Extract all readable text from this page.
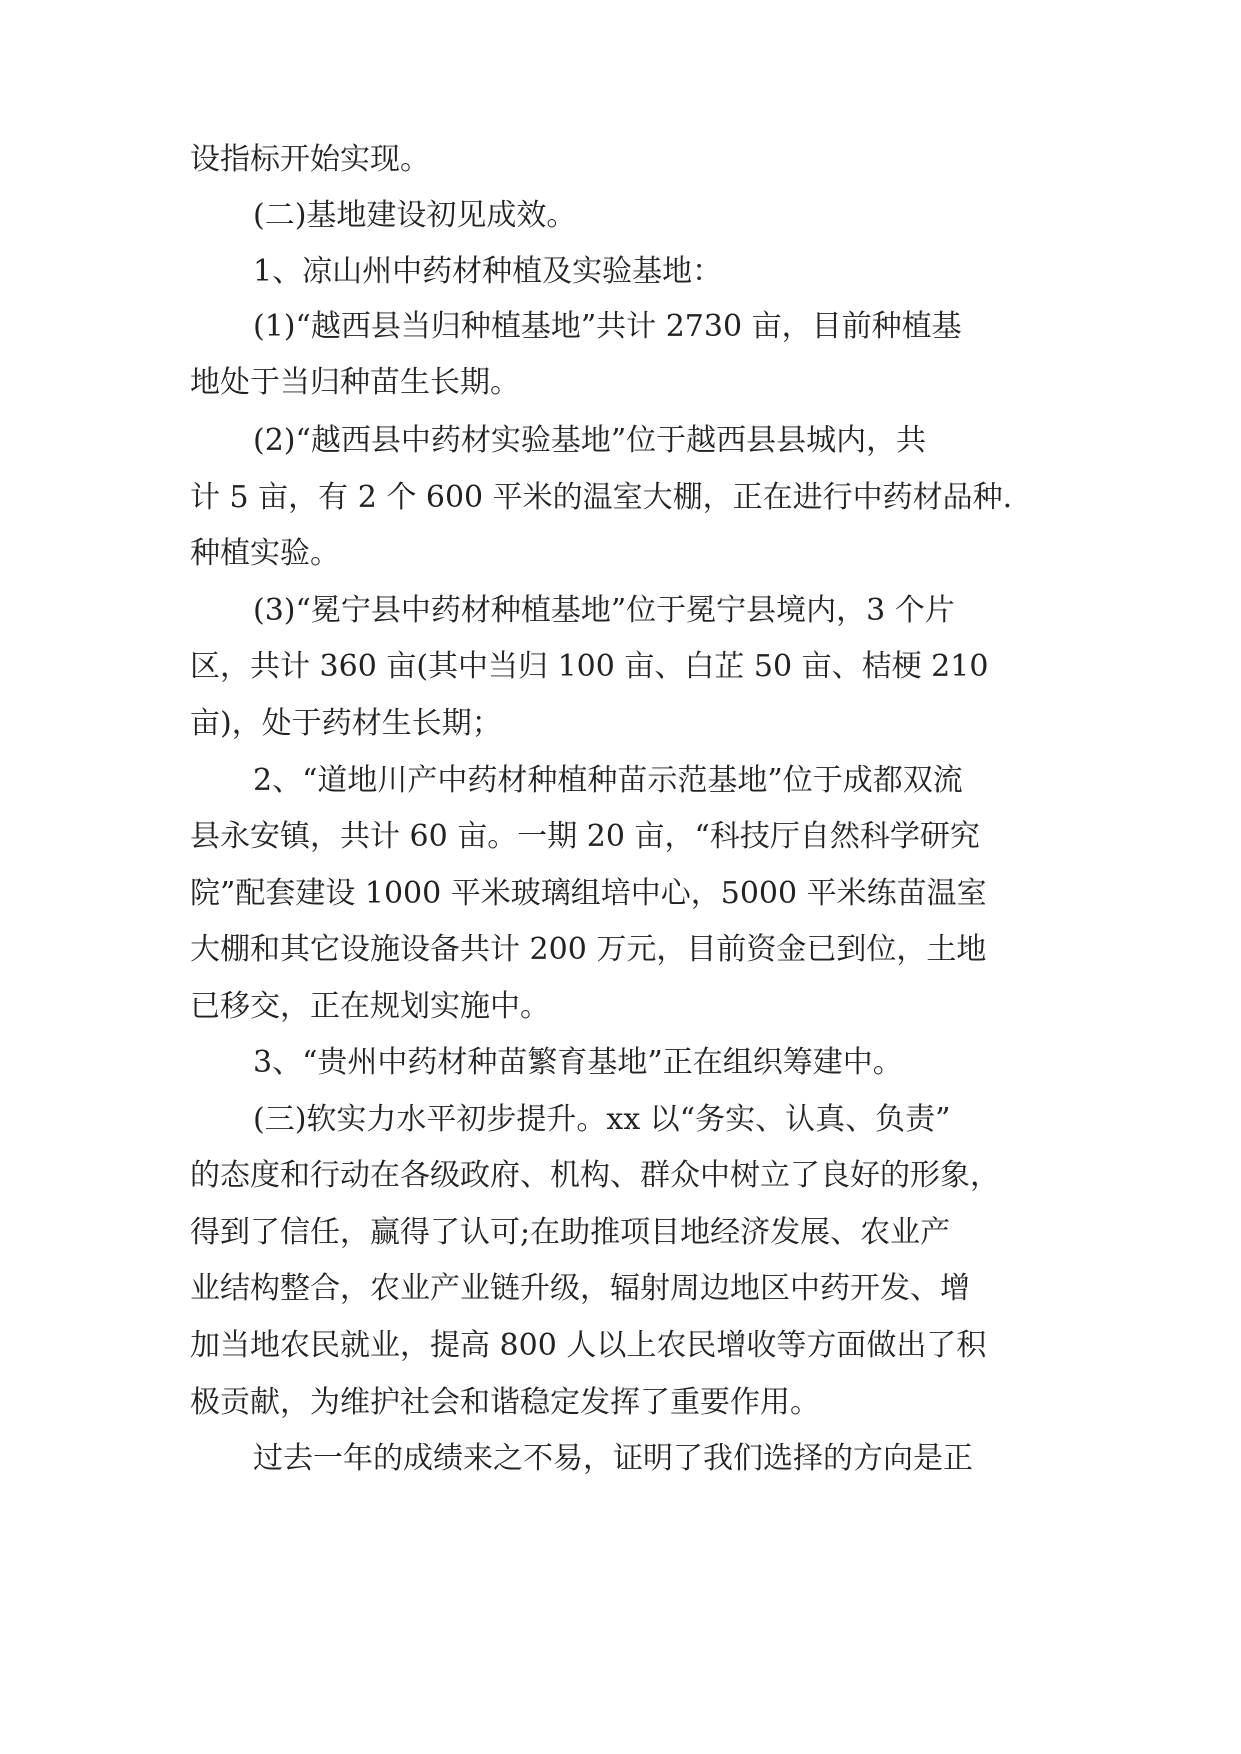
设指标开始实现。

(二)基地建设初见成效。

1、凉山州中药材种植及实验基地：

(1)“越西县当归种植基地”共计 2730 亩，目前种植基

地处于当归种苗生长期。

(2)“越西县中药材实验基地”位于越西县县城内，共

计 5 亩，有 2 个 600 平米的温室大棚，正在进行中药材品种.

种植实验。

(3)“冕宁县中药材种植基地”位于冕宁县境内，3 个片

区，共计 360 亩(其中当归 100 亩、白芷 50 亩、桔梗 210

亩)，处于药材生长期；

2、“道地川产中药材种植种苗示范基地”位于成都双流

县永安镇，共计 60 亩。一期 20 亩，“科技厅自然科学研究

院”配套建设 1000 平米玻璃组培中心，5000 平米练苗温室

大棚和其它设施设备共计 200 万元，目前资金已到位，土地

已移交，正在规划实施中。

3、“贵州中药材种苗繁育基地”正在组织筹建中。

(三)软实力水平初步提升。xx 以“务实、认真、负责”

的态度和行动在各级政府、机构、群众中树立了良好的形象，

得到了信任，赢得了认可;在助推项目地经济发展、农业产

业结构整合，农业产业链升级，辐射周边地区中药开发、增

加当地农民就业，提高 800 人以上农民增收等方面做出了积

极贡献，为维护社会和谐稳定发挥了重要作用。

过去一年的成绩来之不易，证明了我们选择的方向是正
